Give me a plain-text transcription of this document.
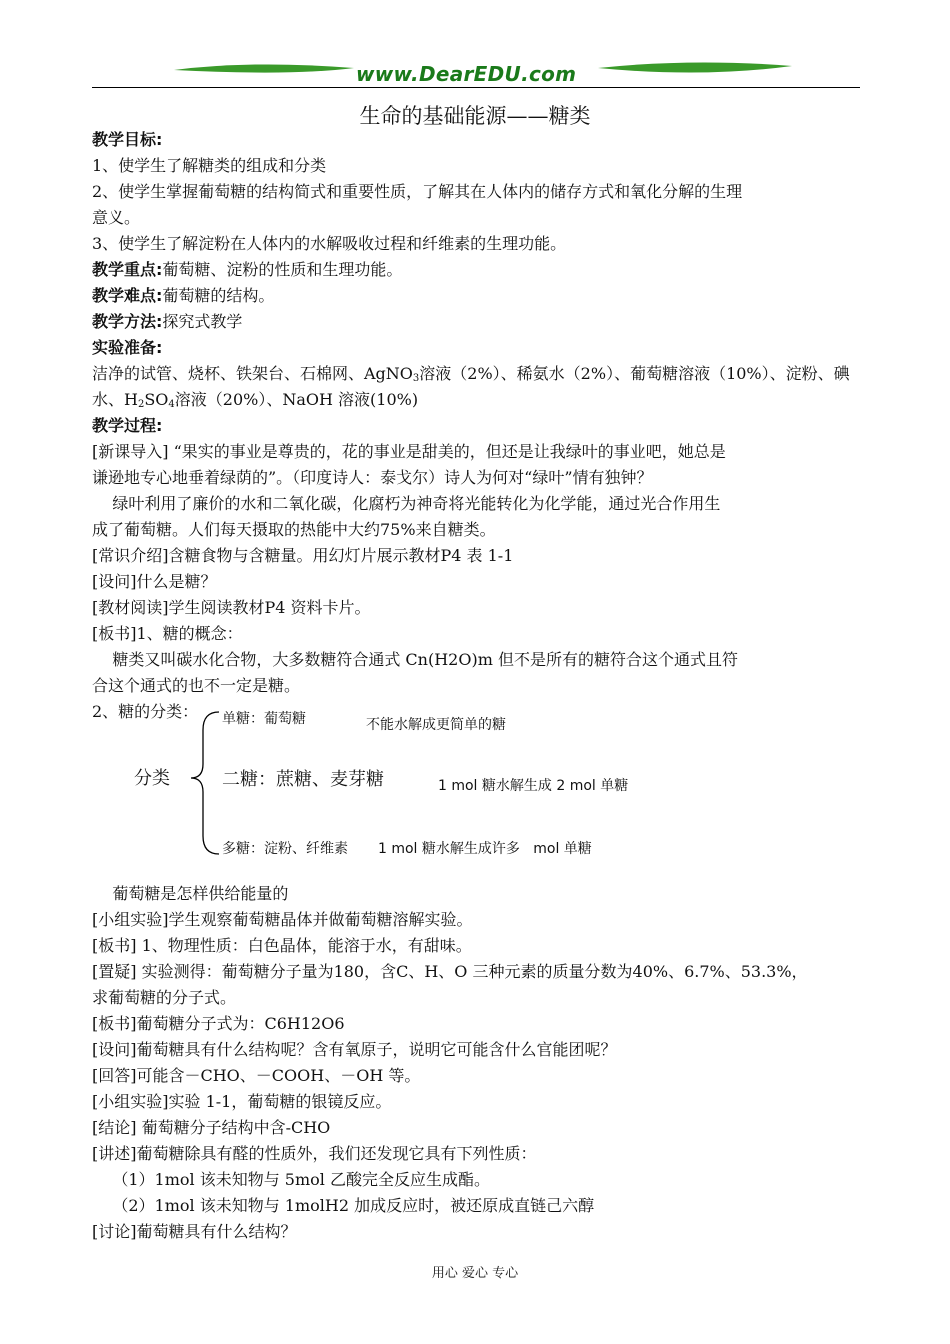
www.DearEDU.com
生命的基础能源——糖类
教学目标:
1、使学生了解糖类的组成和分类
2、使学生掌握葡萄糖的结构简式和重要性质，了解其在人体内的储存方式和氧化分解的生理
意义。
3、使学生了解淀粉在人体内的水解吸收过程和纤维素的生理功能。
教学重点:葡萄糖、淀粉的性质和生理功能。
教学难点:葡萄糖的结构。
教学方法:探究式教学
实验准备:
洁净的试管、烧杯、铁架台、石棉网、AgNO$_3$溶液（2%）、稀氨水（2%）、葡萄糖溶液（10%）、淀粉、碘
水、$H_2SO_4$溶液（20%）、NaOH 溶液(10%)
教学过程:
[新课导入] “果实的事业是尊贵的，花的事业是甜美的，但还是让我绿叶的事业吧，她总是
谦逊地专心地垂着绿荫的”。（印度诗人：泰戈尔）诗人为何对“绿叶”情有独钟？
绿叶利用了廉价的水和二氧化碳，化腐朽为神奇将光能转化为化学能，通过光合作用生
成了葡萄糖。人们每天摄取的热能中大约75%来自糖类。
[常识介绍]含糖食物与含糖量。用幻灯片展示教材P4 表 1-1
[设问]什么是糖？
[教材阅读]学生阅读教材P4 资料卡片。
[板书]1、糖的概念：
糖类又叫碳水化合物，大多数糖符合通式 Cn(H2O)m 但不是所有的糖符合这个通式且符
合这个通式的也不一定是糖。
2、糖的分类：
分类
单糖：葡萄糖	不能水解成更简单的糖
二糖：蔗糖、麦芽糖	1 mol 糖水解生成 2 mol 单糖
多糖：淀粉、纤维素 1 mol 糖水解生成许多   mol 单糖
葡萄糖是怎样供给能量的
[小组实验]学生观察葡萄糖晶体并做葡萄糖溶解实验。
[板书] 1、物理性质：白色晶体，能溶于水，有甜味。
[置疑] 实验测得：葡萄糖分子量为180，含C、H、O 三种元素的质量分数为40%、6.7%、53.3%，
求葡萄糖的分子式。
[板书]葡萄糖分子式为：C6H12O6
[设问]葡萄糖具有什么结构呢？含有氧原子，说明它可能含什么官能团呢？
[回答]可能含－CHO、－COOH、－OH 等。
[小组实验]实验 1-1，葡萄糖的银镜反应。
[结论] 葡萄糖分子结构中含-CHO
[讲述]葡萄糖除具有醛的性质外，我们还发现它具有下列性质：
（1）1mol 该未知物与 5mol 乙酸完全反应生成酯。
（2）1mol 该未知物与 1molH2 加成反应时，被还原成直链己六醇
[讨论]葡萄糖具有什么结构？
用心 爱心 专心
